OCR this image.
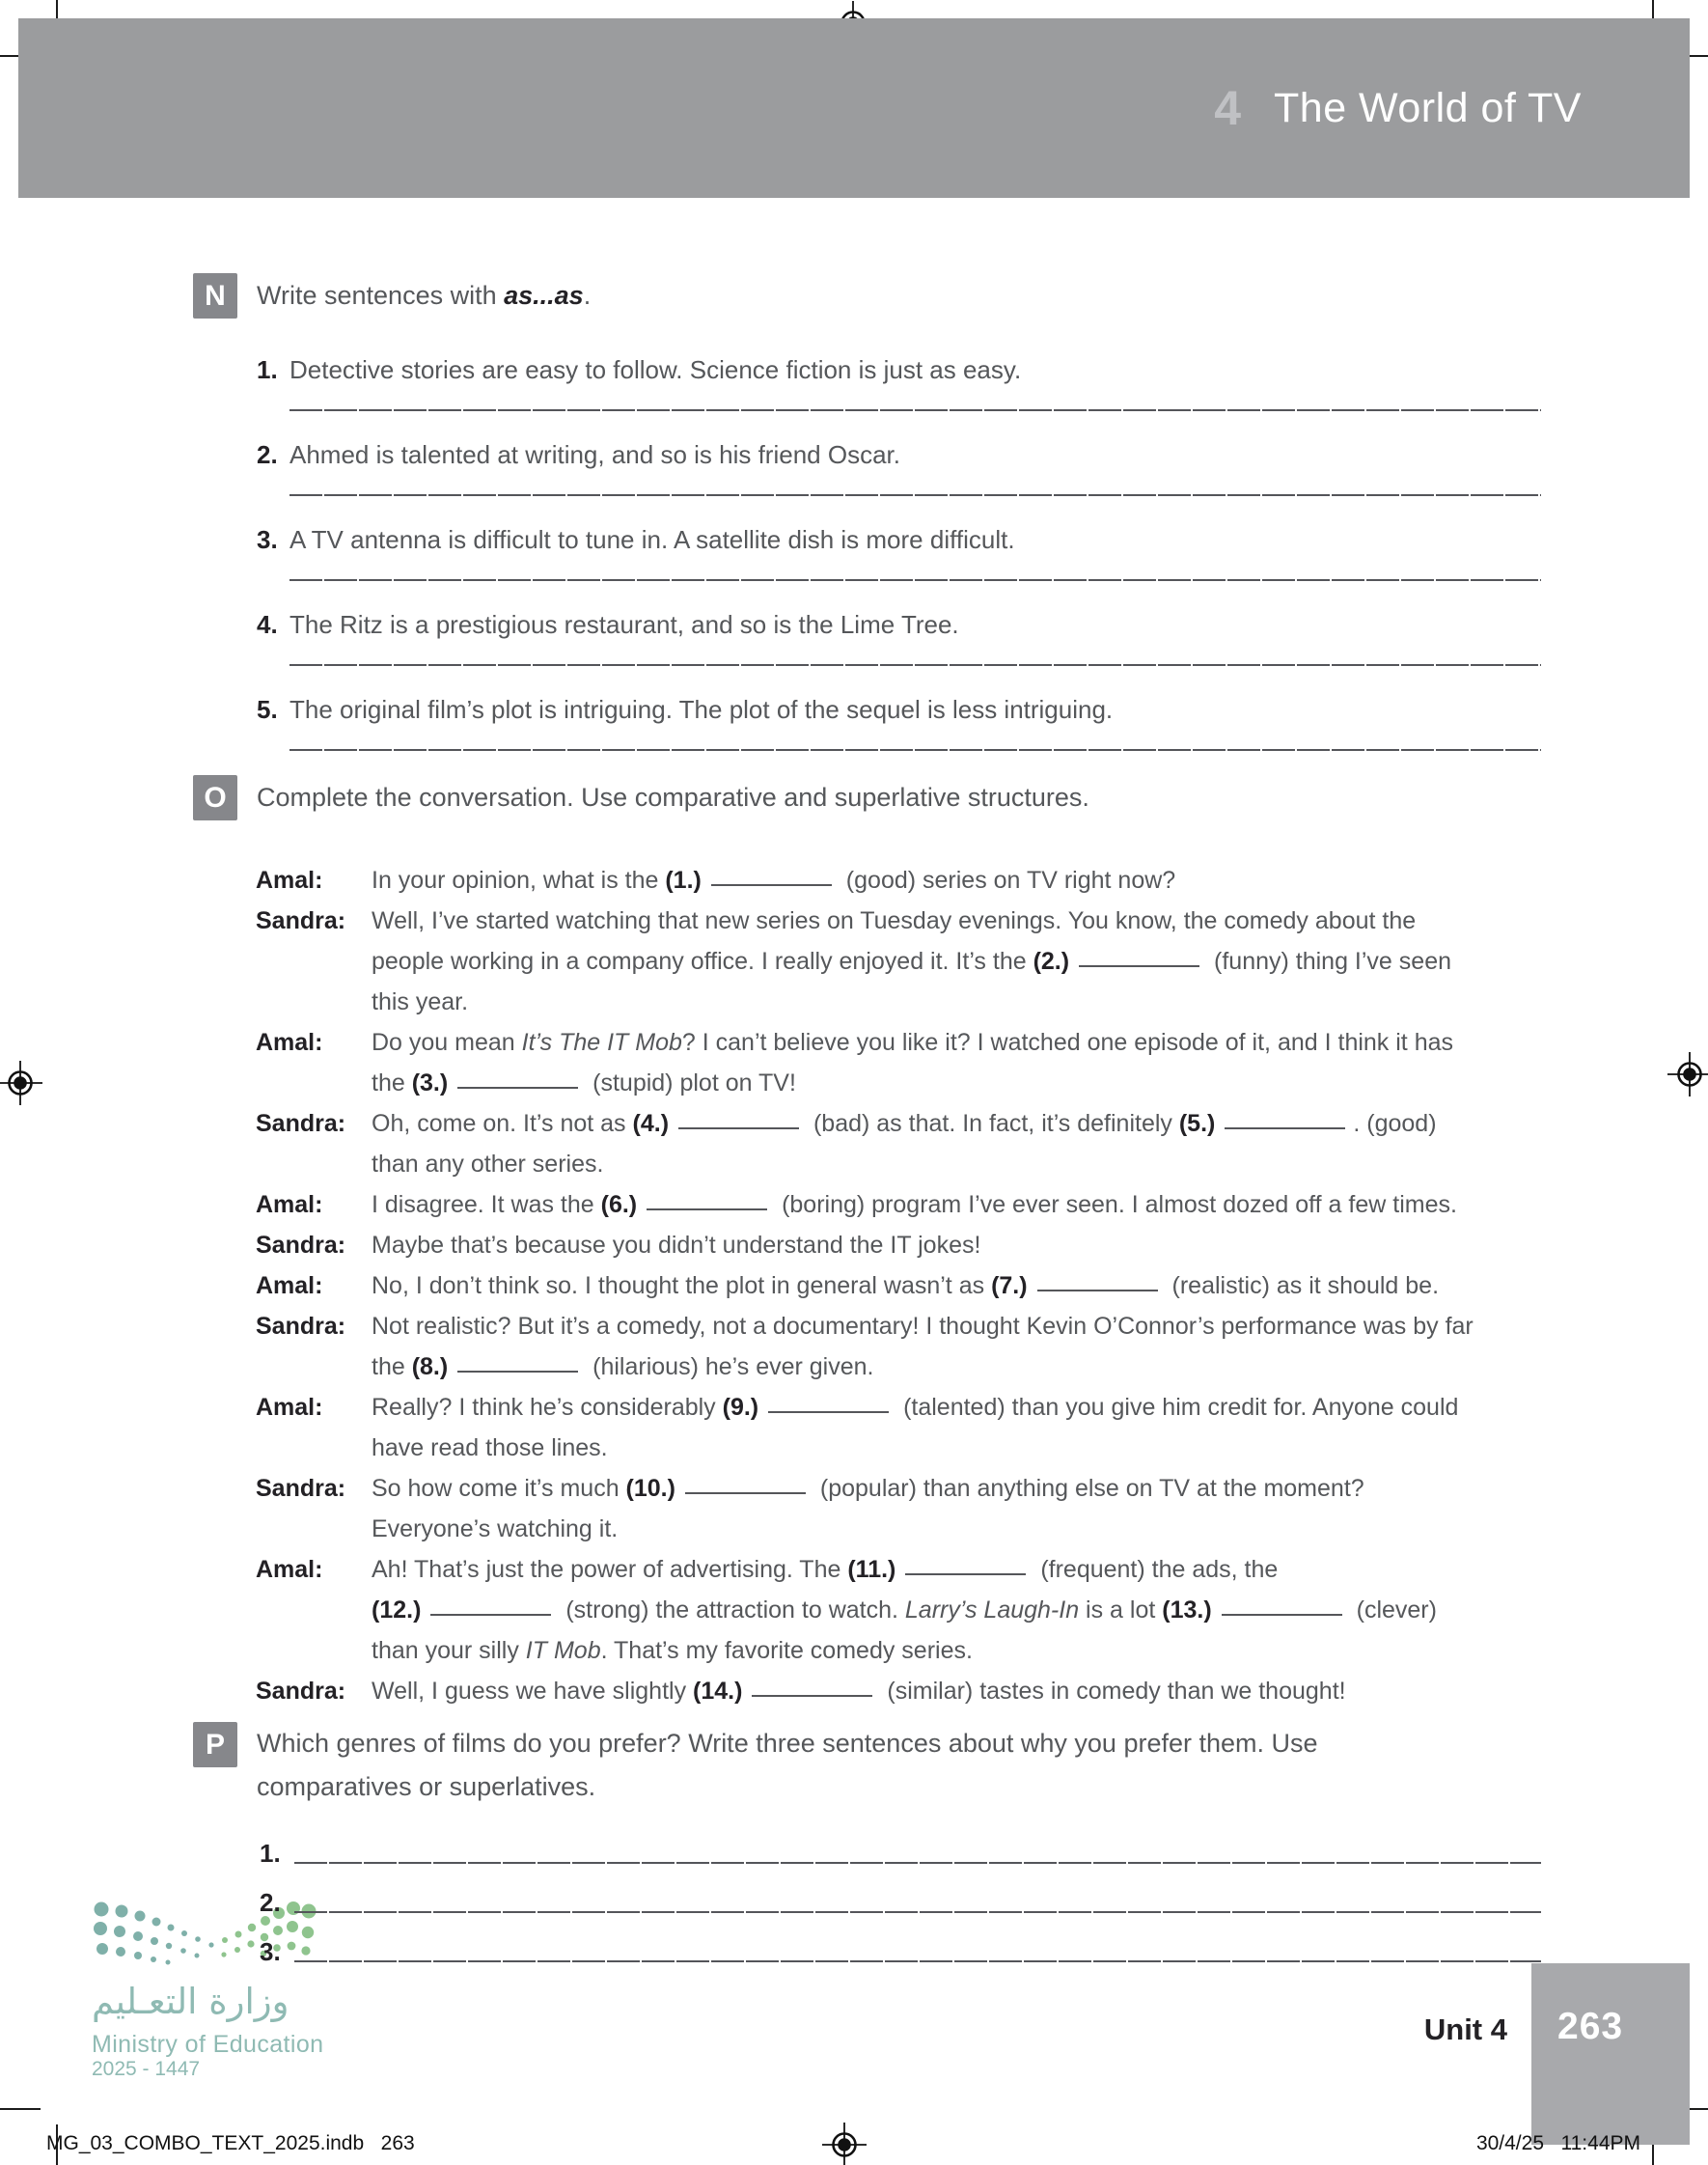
4 The World of TV
N	Write sentences with as...as.
1. Detective stories are easy to follow. Science fiction is just as easy.
2. Ahmed is talented at writing, and so is his friend Oscar.
3. A TV antenna is difficult to tune in. A satellite dish is more difficult.
4. The Ritz is a prestigious restaurant, and so is the Lime Tree.
5. The original film’s plot is intriguing. The plot of the sequel is less intriguing.
O	Complete the conversation. Use comparative and superlative structures.
Amal:	In your opinion, what is the (1.)	(good) series on TV right now?
Sandra:	Well, I’ve started watching that new series on Tuesday evenings. You know, the comedy about the
people working in a company office. I really enjoyed it. It’s the (2.)	(funny) thing I’ve seen
this year.
Amal:	Do you mean It’s The IT Mob? I can’t believe you like it? I watched one episode of it, and I think it has
the (3.)	(stupid) plot on TV!
Sandra:	Oh, come on. It’s not as (4.)	(bad) as that. In fact, it’s definitely (5.)	. (good)
than any other series.
Amal:	I disagree. It was the (6.)	(boring) program I’ve ever seen. I almost dozed off a few times.
Sandra:	Maybe that’s because you didn’t understand the IT jokes!
Amal:	No, I don’t think so. I thought the plot in general wasn’t as (7.)	(realistic) as it should be.
Sandra:	Not realistic? But it’s a comedy, not a documentary! I thought Kevin O’Connor’s performance was by far
the (8.)	(hilarious) he’s ever given.
Amal:	Really? I think he’s considerably (9.)	(talented) than you give him credit for. Anyone could
have read those lines.
Sandra:	So how come it’s much (10.)	(popular) than anything else on TV at the moment?
Everyone’s watching it.
Amal:	Ah! That’s just the power of advertising. The (11.)	(frequent) the ads, the
(12.)	(strong) the attraction to watch. Larry’s Laugh-In is a lot (13.)	(clever)
than your silly IT Mob. That’s my favorite comedy series.
Sandra:	Well, I guess we have slightly (14.)	(similar) tastes in comedy than we thought!
P	Which genres of films do you prefer? Write three sentences about why you prefer them. Use
comparatives or superlatives.
1.
2.
3.
وزارة التعـليم
Ministry of Education
2025 - 1447
Unit 4	263
MG_03_COMBO_TEXT_2025.indb   263	30/4/25   11:44PM
